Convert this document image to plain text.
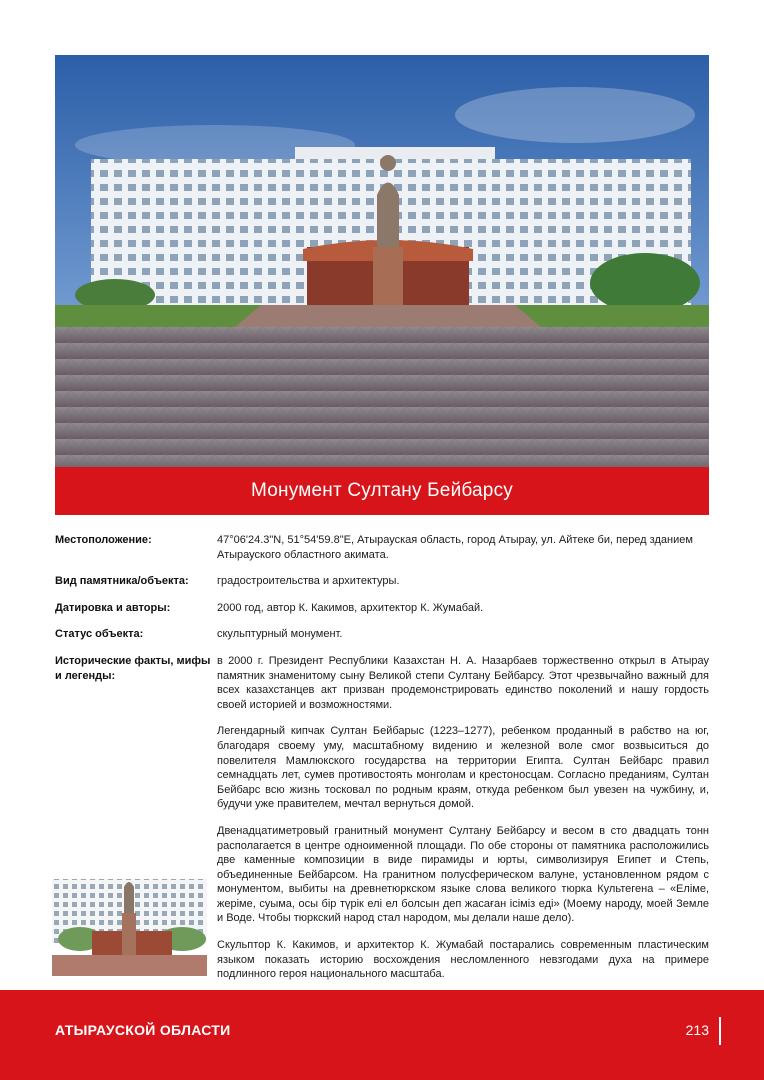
Монумент Султану Бейбарсу
Местоположение:	47°06'24.3"N, 51°54'59.8"E, Атырауская область, город Атырау, ул. Айтеке би, перед зданием Атырауского областного акимата.
Вид памятника/объекта:	градостроительства и архитектуры.
Датировка и авторы:	2000 год, автор К. Какимов, архитектор К. Жумабай.
Статус объекта:	скульптурный монумент.
Исторические факты, мифы и легенды:

в 2000 г. Президент Республики Казахстан Н. А. Назарбаев торжественно открыл в Атырау памятник знаменитому сыну Великой степи Султану Бейбарсу. Этот чрезвычайно важный для всех казахстанцев акт призван продемонстрировать единство поколений и нашу гордость своей историей и возможностями.

Легендарный кипчак Султан Бейбарыс (1223–1277), ребенком проданный в рабство на юг, благодаря своему уму, масштабному видению и железной воле смог возвыситься до повелителя Мамлюкского государства на территории Египта. Султан Бейбарс правил семнадцать лет, сумев противостоять монголам и крестоносцам. Согласно преданиям, Султан Бейбарс всю жизнь тосковал по родным краям, откуда ребенком был увезен на чужбину, и, будучи уже правителем, мечтал вернуться домой.

Двенадцатиметровый гранитный монумент Султану Бейбарсу и весом в сто двадцать тонн располагается в центре одноименной площади. По обе стороны от памятника расположились две каменные композиции в виде пирамиды и юрты, символизируя Египет и Степь, объединенные Бейбарсом. На гранитном полусферическом валуне, установленном рядом с монументом, выбиты на древнетюркском языке слова великого тюрка Культегена – «Еліме, жеріме, суыма, осы бір түрік елі ел болсын деп жасаған ісіміз еді» (Моему народу, моей Земле и Воде. Чтобы тюркский народ стал народом, мы делали наше дело).

Скульптор К. Какимов, и архитектор К. Жумабай постарались современным пластическим языком показать историю восхождения несломленного невзгодами духа на примере подлинного героя национального масштаба.

АТЫРАУСКОЙ ОБЛАСТИ	213
